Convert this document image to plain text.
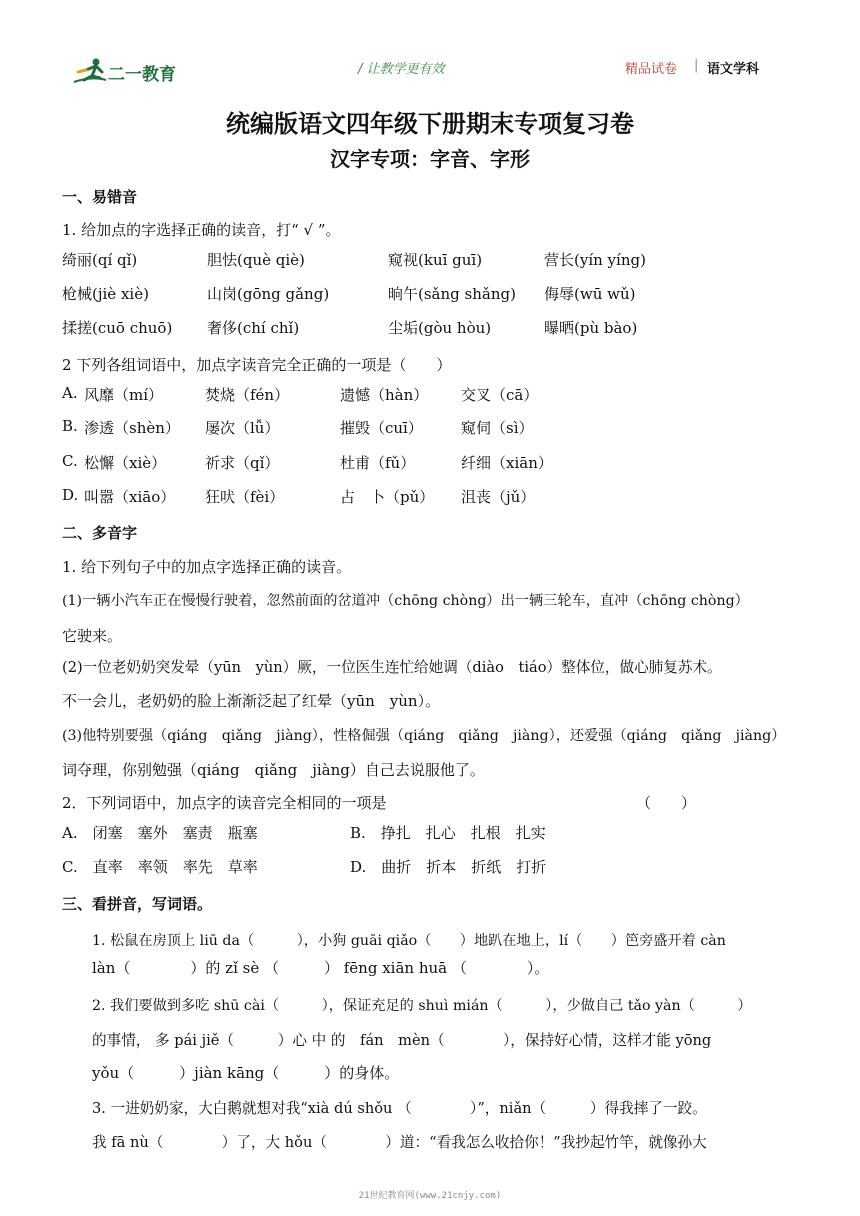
二一教育	/ 让教学更有效	精品试卷 | 语文学科
统编版语文四年级下册期末专项复习卷
汉字专项：字音、字形
一、易错音
1. 给加点的字选择正确的读音，打“ √ ”。
绮丽(qí qǐ)	胆怯(què qiè)	窥视(kuī guī)	营长(yín yíng)
枪械(jiè xiè)	山岗(gōng gǎng)	晌午(sǎng shǎng) 侮辱(wū wǔ)
揉搓(cuō chuō) 奢侈(chí chǐ)	尘垢(gòu hòu)	曝晒(pù bào)
2 下列各组词语中，加点字读音完全正确的一项是（　　）
A. 风靡（mí）	焚烧（fén）	遗憾（hàn） 交叉（cā）
B. 渗透（shèn） 屡次（lǚ）	摧毁（cuī）	窥伺（sì）
C. 松懈（xiè）	祈求（qǐ）	杜甫（fǔ）	纤细（xiān）
D. 叫嚣（xiāo） 狂吠（fèi）	占　卜（pǔ） 沮丧（jǔ）
二、多音字
1. 给下列句子中的加点字选择正确的读音。
(1)一辆小汽车正在慢慢行驶着，忽然前面的岔道冲（chōng chòng）出一辆三轮车，直冲（chōng chòng）
它驶来。
(2)一位老奶奶突发晕（yūn　yùn）厥，一位医生连忙给她调（diào　tiáo）整体位，做心肺复苏术。
不一会儿，老奶奶的脸上渐渐泛起了红晕（yūn　yùn）。
(3)他特别要强（qiáng　qiǎng　jiàng），性格倔强（qiáng　qiǎng　jiàng），还爱强（qiáng　qiǎng　jiàng）
词夺理，你别勉强（qiáng　qiǎng　jiàng）自己去说服他了。
2．下列词语中，加点字的读音完全相同的一项是	（　　）
A.　闭塞　塞外　塞责　瓶塞	B.　挣扎　扎心　扎根　扎实
C.　直率　率领　率先　草率	D.　曲折　折本　折纸　打折
三、看拼音，写词语。
1. 松鼠在房顶上 liū da（　　　），小狗 guāi qiǎo（　　）地趴在地上，lí（　　）笆旁盛开着 càn
làn（　　　　）的 zǐ sè （　　　） fēng xiān huā （　　　　）。
2. 我们要做到多吃 shū cài（　　　），保证充足的 shuì mián（　　　），少做自己 tǎo yàn（　　　）
的事情， 多 pái jiě（　　　）心 中 的　fán　mèn（　　　　），保持好心情，这样才能 yōng
yǒu（　　　）jiàn kāng（　　　）的身体。
3. 一进奶奶家，大白鹅就想对我“xià dú shǒu （　　　　）”，niǎn（　　　）得我摔了一跤。
我 fā nù（　　　　）了，大 hǒu（　　　　）道：“看我怎么收拾你！”我抄起竹竿，就像孙大
21世纪教育网(www.21cnjy.com)
